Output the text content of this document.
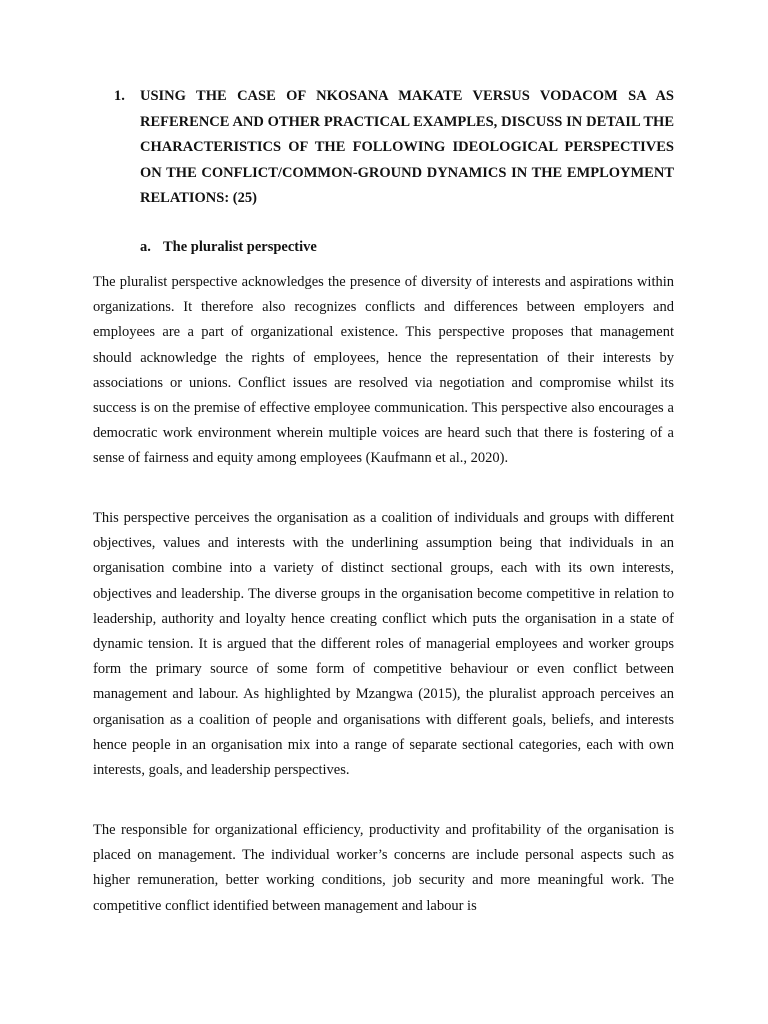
1.	USING THE CASE OF NKOSANA MAKATE VERSUS VODACOM SA AS REFERENCE AND OTHER PRACTICAL EXAMPLES, DISCUSS IN DETAIL THE CHARACTERISTICS OF THE FOLLOWING IDEOLOGICAL PERSPECTIVES ON THE CONFLICT/COMMON-GROUND DYNAMICS IN THE EMPLOYMENT RELATIONS: (25)
a. The pluralist perspective

The pluralist perspective acknowledges the presence of diversity of interests and aspirations within organizations. It therefore also recognizes conflicts and differences between employers and employees are a part of organizational existence. This perspective proposes that management should acknowledge the rights of employees, hence the representation of their interests by associations or unions. Conflict issues are resolved via negotiation and compromise whilst its success is on the premise of effective employee communication. This perspective also encourages a democratic work environment wherein multiple voices are heard such that there is fostering of a sense of fairness and equity among employees (Kaufmann et al., 2020).

This perspective perceives the organisation as a coalition of individuals and groups with different objectives, values and interests with the underlining assumption being that individuals in an organisation combine into a variety of distinct sectional groups, each with its own interests, objectives and leadership. The diverse groups in the organisation become competitive in relation to leadership, authority and loyalty hence creating conflict which puts the organisation in a state of dynamic tension. It is argued that the different roles of managerial employees and worker groups form the primary source of some form of competitive behaviour or even conflict between management and labour. As highlighted by Mzangwa (2015), the pluralist approach perceives an organisation as a coalition of people and organisations with different goals, beliefs, and interests hence people in an organisation mix into a range of separate sectional categories, each with own interests, goals, and leadership perspectives.

The responsible for organizational efficiency, productivity and profitability of the organisation is placed on management. The individual worker’s concerns are include personal aspects such as higher remuneration, better working conditions, job security and more meaningful work. The competitive conflict identified between management and labour is
